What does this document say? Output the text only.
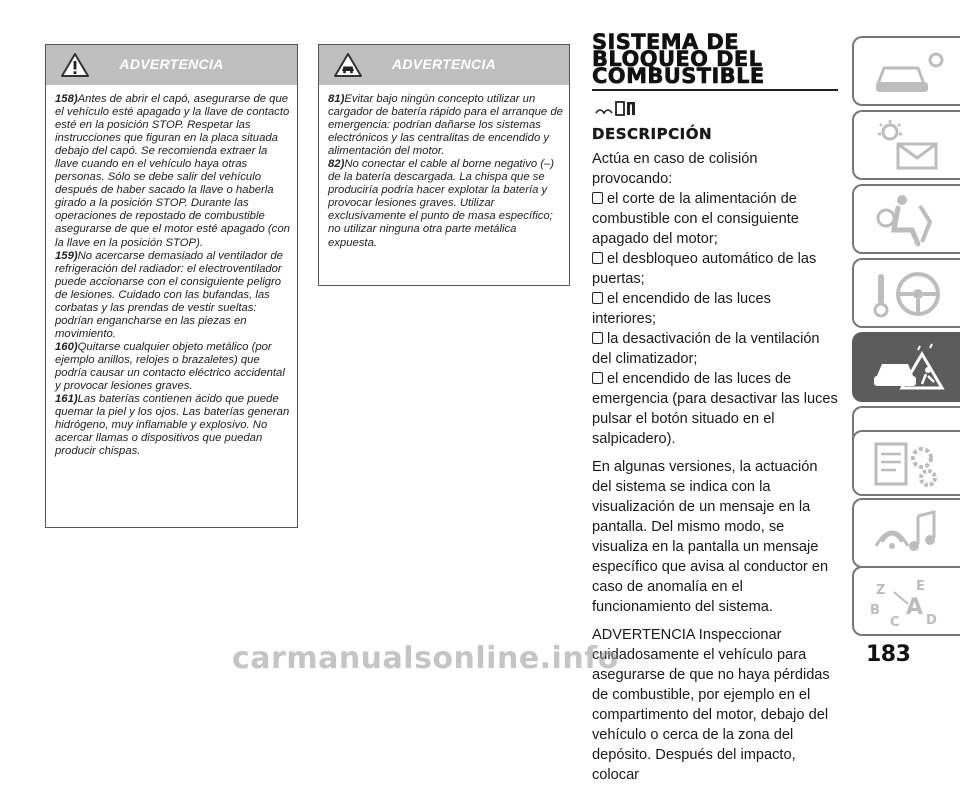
ADVERTENCIA

158)Antes de abrir el capó, asegurarse de que el vehículo esté apagado y la llave de contacto esté en la posición STOP. Respetar las instrucciones que figuran en la placa situada debajo del capó. Se recomienda extraer la llave cuando en el vehículo haya otras personas. Sólo se debe salir del vehículo después de haber sacado la llave o haberla girado a la posición STOP. Durante las operaciones de repostado de combustible asegurarse de que el motor esté apagado (con la llave en la posición STOP).

159)No acercarse demasiado al ventilador de refrigeración del radiador: el electroventilador puede accionarse con el consiguiente peligro de lesiones. Cuidado con las bufandas, las corbatas y las prendas de vestir sueltas: podrían engancharse en las piezas en movimiento.

160)Quitarse cualquier objeto metálico (por ejemplo anillos, relojes o brazaletes) que podría causar un contacto eléctrico accidental y provocar lesiones graves.

161)Las baterías contienen ácido que puede quemar la piel y los ojos. Las baterías generan hidrógeno, muy inflamable y explosivo. No acercar llamas o dispositivos que puedan producir chispas.

ADVERTENCIA

81)Evitar bajo ningún concepto utilizar un cargador de batería rápido para el arranque de emergencia: podrían dañarse los sistemas electrónicos y las centralitas de encendido y alimentación del motor.

82)No conectar el cable al borne negativo (–) de la batería descargada. La chispa que se produciría podría hacer explotar la batería y provocar lesiones graves. Utilizar exclusivamente el punto de masa específico; no utilizar ninguna otra parte metálica expuesta.

SISTEMA DE
BLOQUEO DEL
COMBUSTIBLE
DESCRIPCIÓN

Actúa en caso de colisión provocando:

el corte de la alimentación de combustible con el consiguiente apagado del motor;

el desbloqueo automático de las puertas;

el encendido de las luces interiores;

la desactivación de la ventilación del climatizador;

el encendido de las luces de emergencia (para desactivar las luces pulsar el botón situado en el salpicadero).

En algunas versiones, la actuación del sistema se indica con la visualización de un mensaje en la pantalla. Del mismo modo, se visualiza en la pantalla un mensaje específico que avisa al conductor en caso de anomalía en el funcionamiento del sistema.

ADVERTENCIA Inspeccionar cuidadosamente el vehículo para asegurarse de que no haya pérdidas de combustible, por ejemplo en el compartimento del motor, debajo del vehículo o cerca de la zona del depósito. Después del impacto, colocar

Z E
B A
C D
carmanualsonline.info	183
